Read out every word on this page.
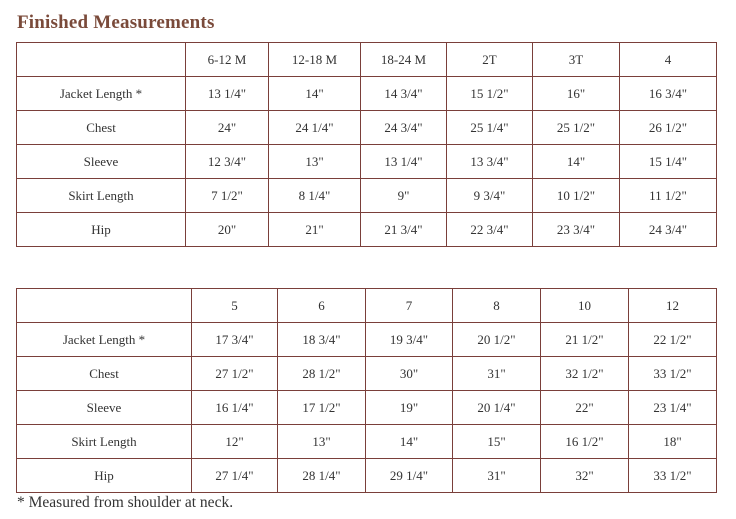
Finished Measurements
	6-12 M	12-18 M	18-24 M	2T	3T	4
Jacket Length *	13 1/4"	14"	14 3/4"	15 1/2"	16"	16 3/4"
Chest	24"	24 1/4"	24 3/4"	25 1/4"	25 1/2"	26 1/2"
Sleeve	12 3/4"	13"	13 1/4"	13 3/4"	14"	15 1/4"
Skirt Length	7 1/2"	8 1/4"	9"	9 3/4"	10 1/2"	11 1/2"
Hip	20"	21"	21 3/4"	22 3/4"	23 3/4"	24 3/4"
	5	6	7	8	10	12
Jacket Length *	17 3/4"	18 3/4"	19 3/4"	20 1/2"	21 1/2"	22 1/2"
Chest	27 1/2"	28 1/2"	30"	31"	32 1/2"	33 1/2"
Sleeve	16 1/4"	17 1/2"	19"	20 1/4"	22"	23 1/4"
Skirt Length	12"	13"	14"	15"	16 1/2"	18"
Hip	27 1/4"	28 1/4"	29 1/4"	31"	32"	33 1/2"
* Measured from shoulder at neck.
